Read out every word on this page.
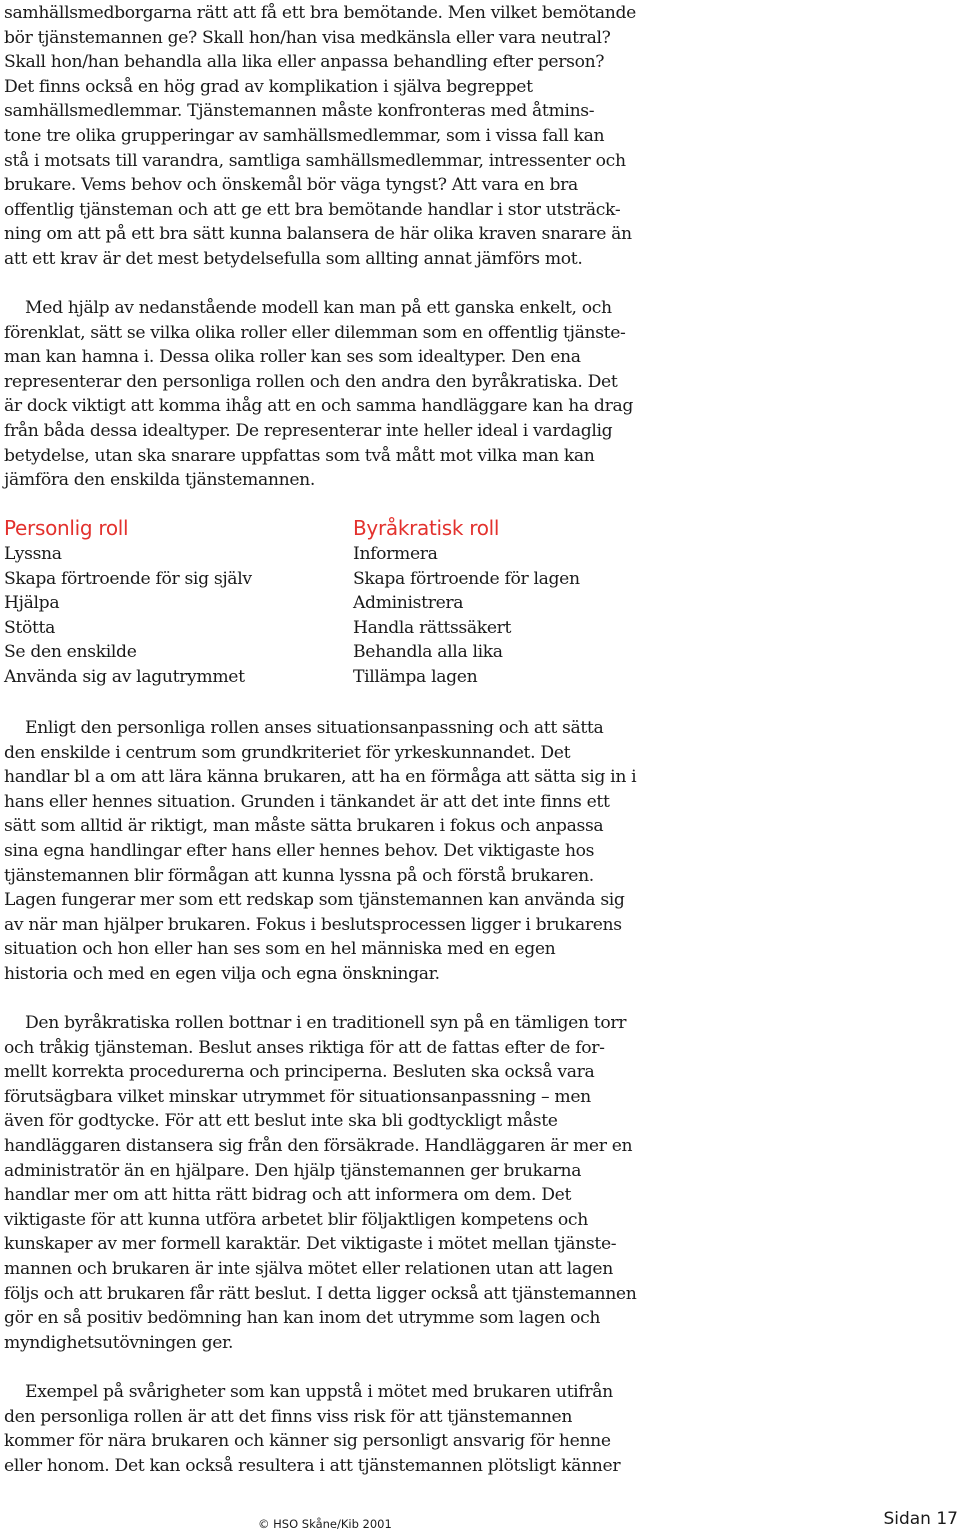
samhällsmedborgarna rätt att få ett bra bemötande. Men vilket bemötande
bör tjänstemannen ge? Skall hon/han visa medkänsla eller vara neutral?
Skall hon/han behandla alla lika eller anpassa behandling efter person?
Det finns också en hög grad av komplikation i själva begreppet
samhällsmedlemmar. Tjänstemannen måste konfronteras med åtmins-
tone tre olika grupperingar av samhällsmedlemmar, som i vissa fall kan
stå i motsats till varandra, samtliga samhällsmedlemmar, intressenter och
brukare. Vems behov och önskemål bör väga tyngst? Att vara en bra
offentlig tjänsteman och att ge ett bra bemötande handlar i stor utsträck-
ning om att på ett bra sätt kunna balansera de här olika kraven snarare än
att ett krav är det mest betydelsefulla som allting annat jämförs mot.
Med hjälp av nedanstående modell kan man på ett ganska enkelt, och
förenklat, sätt se vilka olika roller eller dilemman som en offentlig tjänste-
man kan hamna i. Dessa olika roller kan ses som idealtyper. Den ena
representerar den personliga rollen och den andra den byråkratiska. Det
är dock viktigt att komma ihåg att en och samma handläggare kan ha drag
från båda dessa idealtyper. De representerar inte heller ideal i vardaglig
betydelse, utan ska snarare uppfattas som två mått mot vilka man kan
jämföra den enskilda tjänstemannen.
Personlig roll
Lyssna
Skapa förtroende för sig själv
Hjälpa
Stötta
Se den enskilde
Använda sig av lagutrymmet
Byråkratisk roll
Informera
Skapa förtroende för lagen
Administrera
Handla rättssäkert
Behandla alla lika
Tillämpa lagen
Enligt den personliga rollen anses situationsanpassning och att sätta
den enskilde i centrum som grundkriteriet för yrkeskunnandet. Det
handlar bl a om att lära känna brukaren, att ha en förmåga att sätta sig in i
hans eller hennes situation. Grunden i tänkandet är att det inte finns ett
sätt som alltid är riktigt, man måste sätta brukaren i fokus och anpassa
sina egna handlingar efter hans eller hennes behov. Det viktigaste hos
tjänstemannen blir förmågan att kunna lyssna på och förstå brukaren.
Lagen fungerar mer som ett redskap som tjänstemannen kan använda sig
av när man hjälper brukaren. Fokus i beslutsprocessen ligger i brukarens
situation och hon eller han ses som en hel människa med en egen
historia och med en egen vilja och egna önskningar.
Den byråkratiska rollen bottnar i en traditionell syn på en tämligen torr
och tråkig tjänsteman. Beslut anses riktiga för att de fattas efter de for-
mellt korrekta procedurerna och principerna. Besluten ska också vara
förutsägbara vilket minskar utrymmet för situationsanpassning – men
även för godtycke. För att ett beslut inte ska bli godtyckligt måste
handläggaren distansera sig från den försäkrade. Handläggaren är mer en
administratör än en hjälpare. Den hjälp tjänstemannen ger brukarna
handlar mer om att hitta rätt bidrag och att informera om dem. Det
viktigaste för att kunna utföra arbetet blir följaktligen kompetens och
kunskaper av mer formell karaktär. Det viktigaste i mötet mellan tjänste-
mannen och brukaren är inte själva mötet eller relationen utan att lagen
följs och att brukaren får rätt beslut. I detta ligger också att tjänstemannen
gör en så positiv bedömning han kan inom det utrymme som lagen och
myndighetsutövningen ger.
Exempel på svårigheter som kan uppstå i mötet med brukaren utifrån
den personliga rollen är att det finns viss risk för att tjänstemannen
kommer för nära brukaren och känner sig personligt ansvarig för henne
eller honom. Det kan också resultera i att tjänstemannen plötsligt känner
© HSO Skåne/Kib 2001	Sidan 17
